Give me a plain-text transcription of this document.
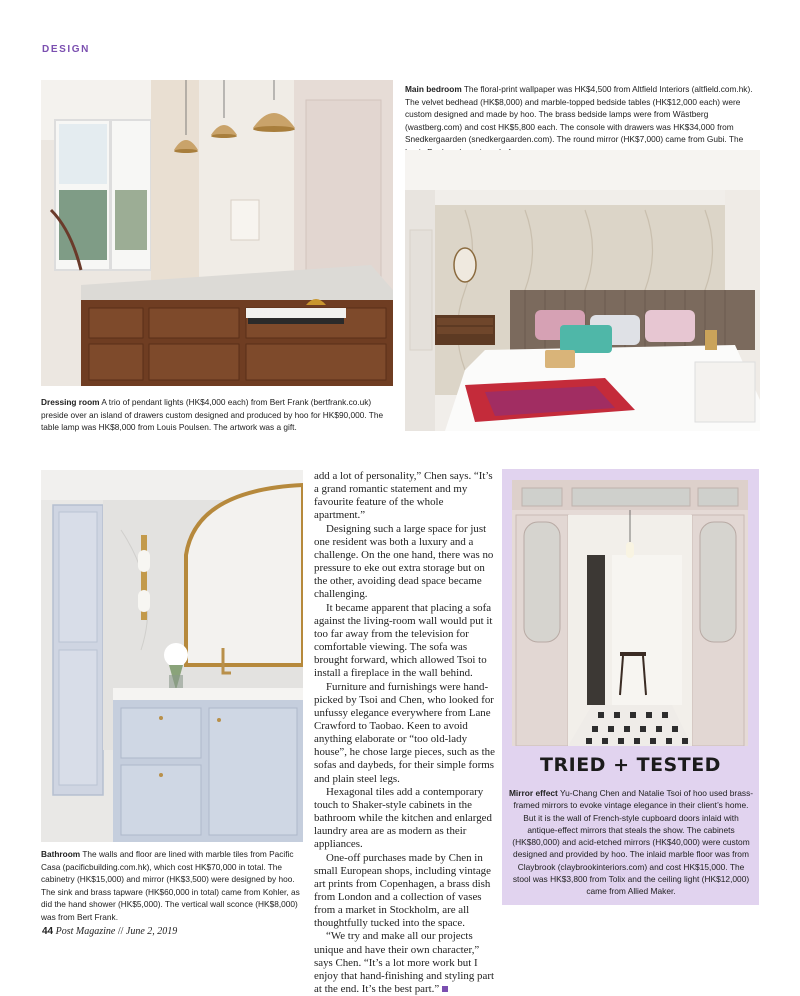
DESIGN
CHANEL
Dressing room A trio of pendant lights (HK$4,000 each) from Bert Frank (bertfrank.co.uk) preside over an island of drawers custom designed and produced by hoo for HK$90,000. The table lamp was HK$8,000 from Louis Poulsen. The artwork was a gift.
Main bedroom The floral-print wallpaper was HK$4,500 from Altfield Interiors (altfield.com.hk). The velvet bedhead (HK$8,000) and marble-topped bedside tables (HK$12,000 each) were custom designed and made by hoo. The brass bedside lamps were from Wästberg (wastberg.com) and cost HK$5,800 each. The console with drawers was HK$34,000 from Snedkergaarden (snedkergaarden.com). The round mirror (HK$7,000) came from Gubi. The
Bathroom The walls and floor are lined with marble tiles from Pacific Casa (pacificbuilding.com.hk), which cost HK$70,000 in total. The cabinetry (HK$15,000) and mirror (HK$3,500) were designed by hoo. The sink and brass tapware (HK$60,000 in total) came from Kohler, as did the hand shower (HK$5,000). The vertical wall sconce (HK$8,000) was from Bert Frank.

add a lot of personality,” Chen says. “It’s a grand romantic statement and my favourite feature of the whole apartment.”

Designing such a large space for just one resident was both a luxury and a challenge. On the one hand, there was no pressure to eke out extra storage but on the other, avoiding dead space became challenging.

It became apparent that placing a sofa against the living-room wall would put it too far away from the television for comfortable viewing. The sofa was brought forward, which allowed Tsoi to install a fireplace in the wall behind.

Furniture and furnishings were hand-picked by Tsoi and Chen, who looked for unfussy elegance everywhere from Lane Crawford to Taobao. Keen to avoid anything elaborate or “too old-lady house”, he chose large pieces, such as the sofas and daybeds, for their simple forms and plain steel legs.

Hexagonal tiles add a contemporary touch to Shaker-style cabinets in the bathroom while the kitchen and enlarged laundry area are as modern as their appliances.

One-off purchases made by Chen in small European shops, including vintage art prints from Copenhagen, a brass dish from London and a collection of vases from a market in Stockholm, are all thoughtfully tucked into the space.

“We try and make all our projects unique and have their own character,” says Chen. “It’s a lot more work but I enjoy that hand-finishing and styling part at the end. It’s the best part.”

TRIED + TESTED
Mirror effect Yu-Chang Chen and Natalie Tsoi of hoo used brass-framed mirrors to evoke vintage elegance in their client’s home. But it is the wall of French-style cupboard doors inlaid with antique-effect mirrors that steals the show. The cabinets (HK$80,000) and acid-etched mirrors (HK$40,000) were custom designed and provided by hoo. The inlaid marble floor was from Claybrook (claybrookinteriors.com) and cost HK$15,000. The stool was HK$3,800 from Tolix and the ceiling light (HK$12,000) came from Allied Maker.
44 Post Magazine // June 2, 2019
